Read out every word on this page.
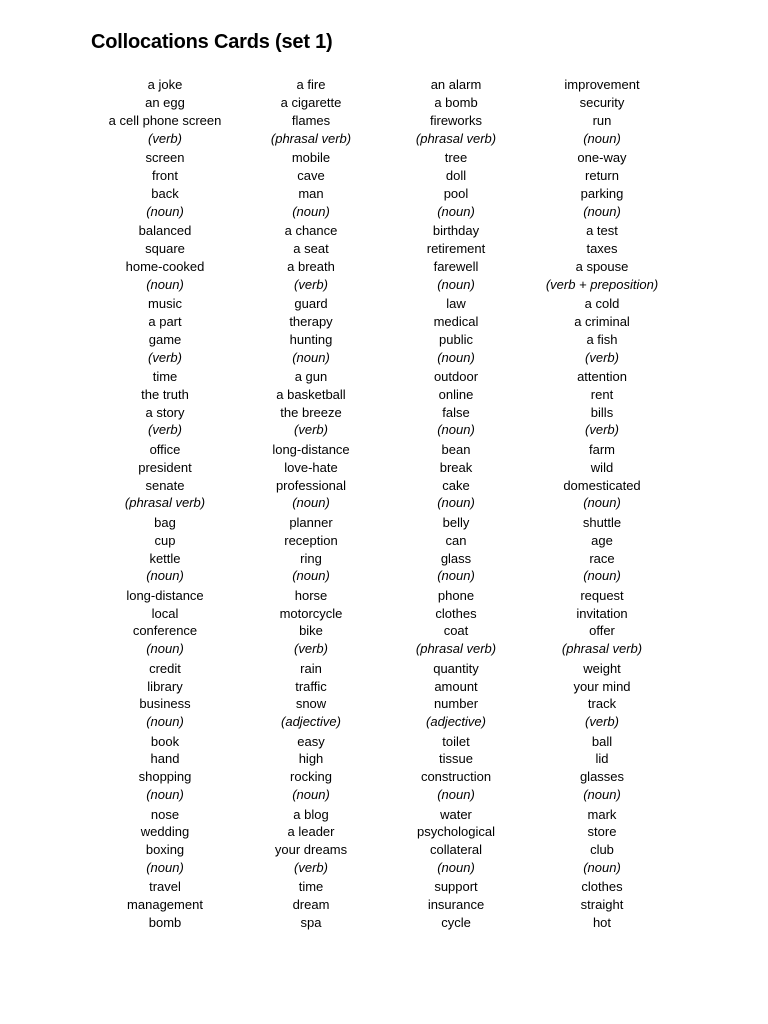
Collocations Cards (set 1)
a joke
an egg
a cell phone screen
(verb)
screen
front
back
(noun)
balanced
square
home-cooked
(noun)
music
a part
game
(verb)
time
the truth
a story
(verb)
office
president
senate
(phrasal verb)
bag
cup
kettle
(noun)
long-distance
local
conference
(noun)
credit
library
business
(noun)
book
hand
shopping
(noun)
nose
wedding
boxing
(noun)
travel
management
bomb
a fire
a cigarette
flames
(phrasal verb)
mobile
cave
man
(noun)
a chance
a seat
a breath
(verb)
guard
therapy
hunting
(noun)
a gun
a basketball
the breeze
(verb)
long-distance
love-hate
professional
(noun)
planner
reception
ring
(noun)
horse
motorcycle
bike
(verb)
rain
traffic
snow
(adjective)
easy
high
rocking
(noun)
a blog
a leader
your dreams
(verb)
time
dream
spa
an alarm
a bomb
fireworks
(phrasal verb)
tree
doll
pool
(noun)
birthday
retirement
farewell
(noun)
law
medical
public
(noun)
outdoor
online
false
(noun)
bean
break
cake
(noun)
belly
can
glass
(noun)
phone
clothes
coat
(phrasal verb)
quantity
amount
number
(adjective)
toilet
tissue
construction
(noun)
water
psychological
collateral
(noun)
support
insurance
cycle
improvement
security
run
(noun)
one-way
return
parking
(noun)
a test
taxes
a spouse
(verb + preposition)
a cold
a criminal
a fish
(verb)
attention
rent
bills
(verb)
farm
wild
domesticated
(noun)
shuttle
age
race
(noun)
request
invitation
offer
(phrasal verb)
weight
your mind
track
(verb)
ball
lid
glasses
(noun)
mark
store
club
(noun)
clothes
straight
hot
